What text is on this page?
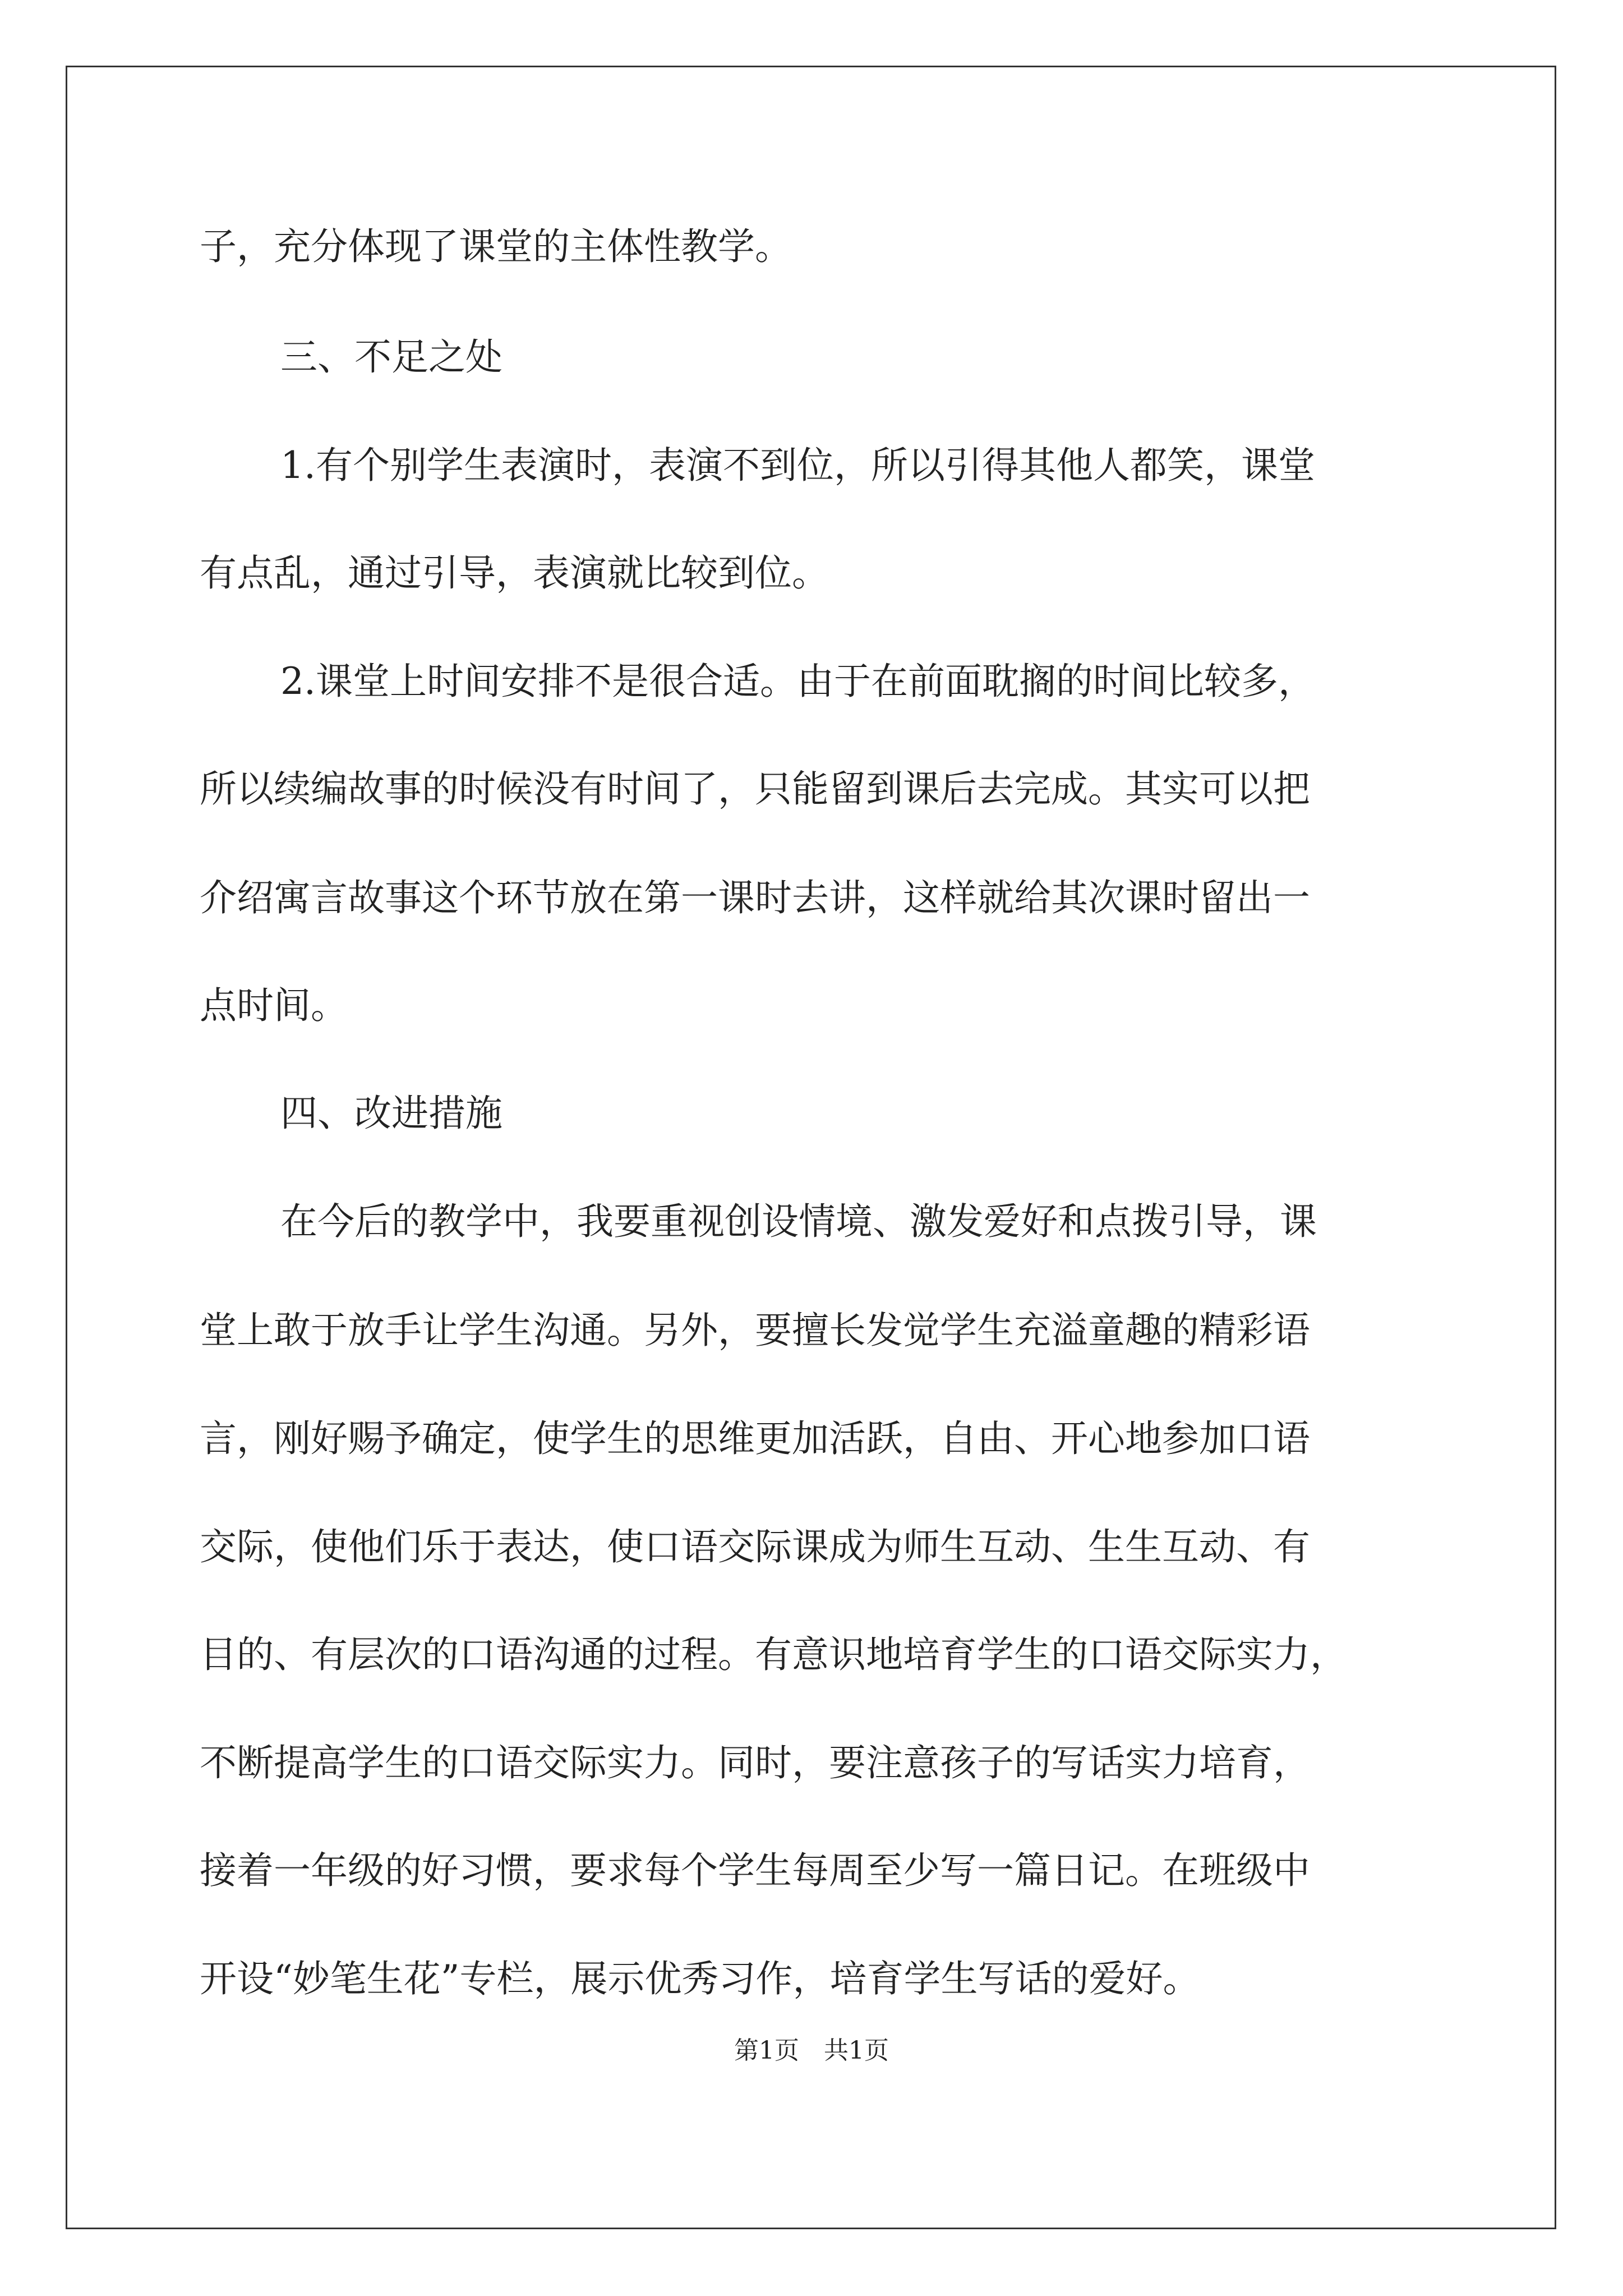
子，充分体现了课堂的主体性教学。

三、不足之处

1.有个别学生表演时，表演不到位，所以引得其他人都笑，课堂

有点乱，通过引导，表演就比较到位。

2.课堂上时间安排不是很合适。由于在前面耽搁的时间比较多，

所以续编故事的时候没有时间了，只能留到课后去完成。其实可以把

介绍寓言故事这个环节放在第一课时去讲，这样就给其次课时留出一

点时间。

四、改进措施

在今后的教学中，我要重视创设情境、激发爱好和点拨引导，课

堂上敢于放手让学生沟通。另外，要擅长发觉学生充溢童趣的精彩语

言，刚好赐予确定，使学生的思维更加活跃，自由、开心地参加口语

交际，使他们乐于表达，使口语交际课成为师生互动、生生互动、有

目的、有层次的口语沟通的过程。有意识地培育学生的口语交际实力，

不断提高学生的口语交际实力。同时，要注意孩子的写话实力培育，

接着一年级的好习惯，要求每个学生每周至少写一篇日记。在班级中

开设“妙笔生花”专栏，展示优秀习作，培育学生写话的爱好。

第1页　共1页
